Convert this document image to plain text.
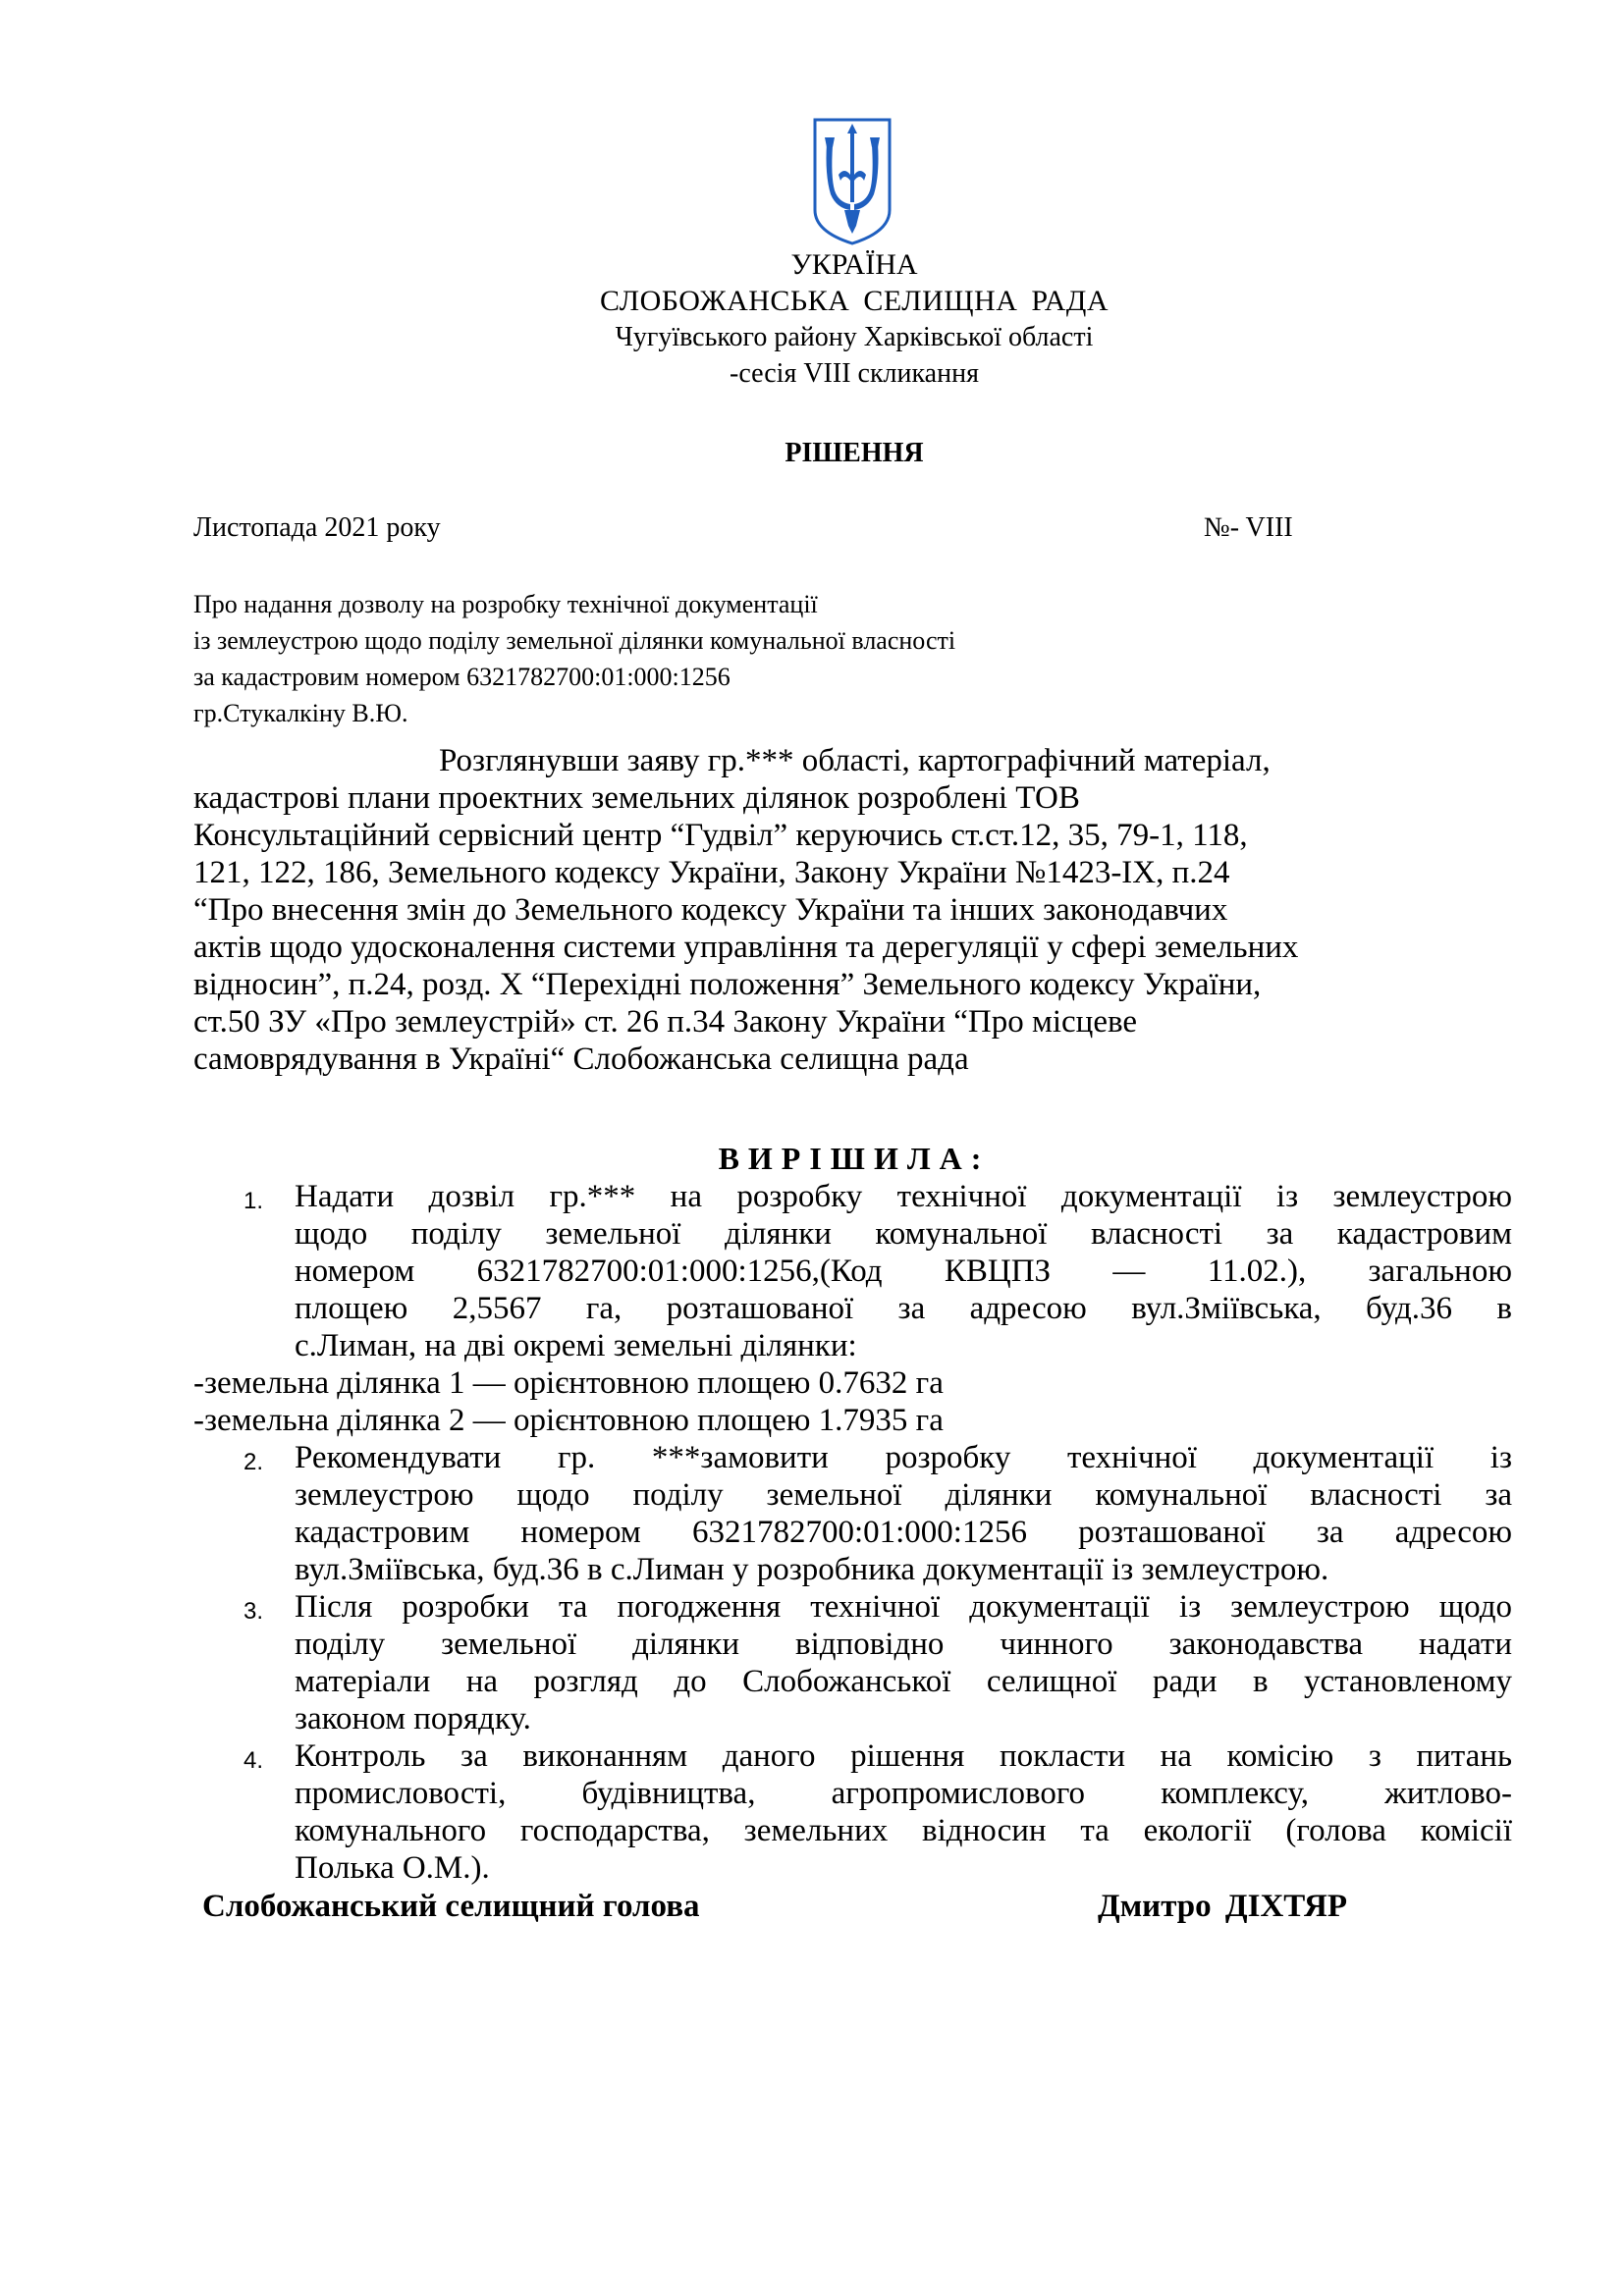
УКРАЇНА
СЛОБОЖАНСЬКА СЕЛИЩНА РАДА
Чугуївського району Харківської області
-сесія VIII скликання
РІШЕННЯ
Листопада 2021 року	№- VIII
Про надання дозволу на розробку технічної документації
із землеустрою щодо поділу земельної ділянки комунальної власності
за кадастровим номером 6321782700:01:000:1256
гр.Стукалкіну В.Ю.
Розглянувши заяву гр.*** області, картографічний матеріал,
кадастрові плани проектних земельних ділянок розроблені ТОВ
Консультаційний сервісний центр “Гудвіл” керуючись ст.ст.12, 35, 79-1, 118,
121, 122, 186, Земельного кодексу України, Закону України №1423-IX, п.24
“Про внесення змін до Земельного кодексу України та інших законодавчих
актів щодо удосконалення системи управління та дерегуляції у сфері земельних
відносин”, п.24, розд. X “Перехідні положення” Земельного кодексу України,
ст.50 ЗУ «Про землеустрій» ст. 26 п.34 Закону України “Про місцеве
самоврядування в Україні“ Слобожанська селищна рада
ВИРІШИЛА:
1. Надати дозвіл гр.*** на розробку технічної документації із землеустрою
щодо поділу земельної ділянки комунальної власності за кадастровим
номером 6321782700:01:000:1256,(Код КВЦПЗ — 11.02.), загальною
площею 2,5567 га, розташованої за адресою вул.Зміївська, буд.36 в
с.Лиман, на дві окремі земельні ділянки:
-земельна ділянка 1 — орієнтовною площею 0.7632 га
-земельна ділянка 2 — орієнтовною площею 1.7935 га
2. Рекомендувати гр. ***замовити розробку технічної документації із
землеустрою щодо поділу земельної ділянки комунальної власності за
кадастровим номером 6321782700:01:000:1256 розташованої за адресою
вул.Зміївська, буд.36 в с.Лиман у розробника документації із землеустрою.
3. Після розробки та погодження технічної документації із землеустрою щодо
поділу земельної ділянки відповідно чинного законодавства надати
матеріали на розгляд до Слобожанської селищної ради в установленому
законом порядку.
4. Контроль за виконанням даного рішення покласти на комісію з питань
промисловості, будівництва, агропромислового комплексу, житлово-
комунального господарства, земельних відносин та екології (голова комісії
Полька О.М.).
Слобожанський селищний голова	Дмитро ДІХТЯР
